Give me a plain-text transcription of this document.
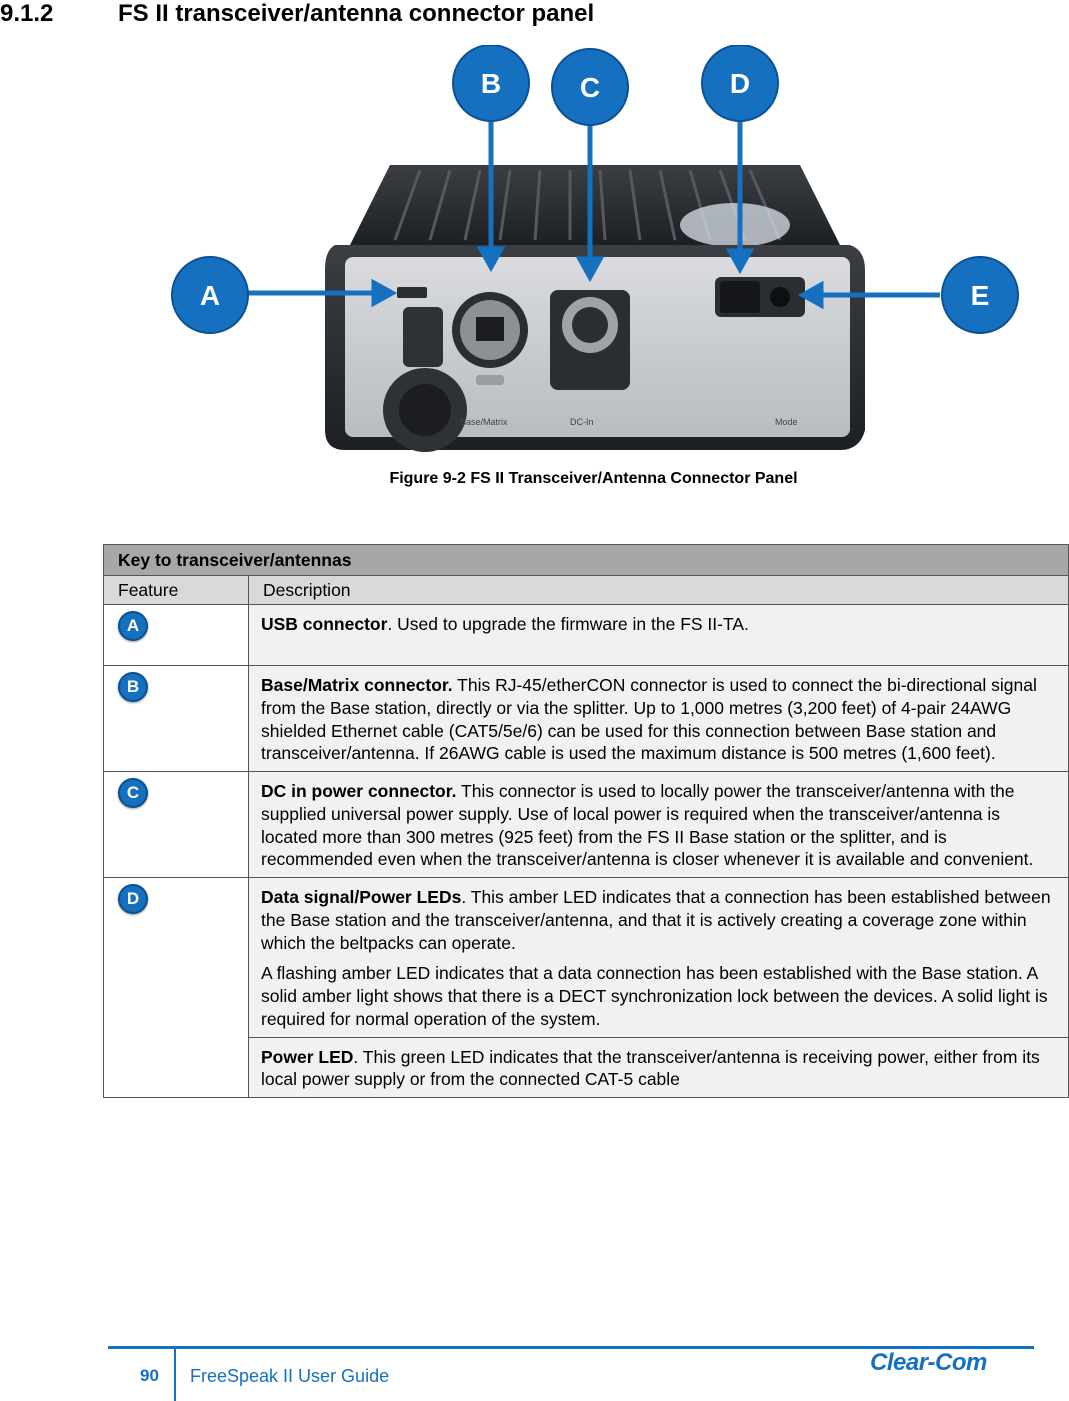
9.1.2	FS II transceiver/antenna connector panel
Base/Matrix	DC-In	Mode
A
B	C	D
E
Figure 9-2 FS II Transceiver/Antenna Connector Panel
Key to transceiver/antennas	
Feature	Description

A	USB connector. Used to upgrade the firmware in the FS II-TA.

B	Base/Matrix connector. This RJ-45/etherCON connector is used to connect the bi-directional signal from the Base station, directly or via the splitter. Up to 1,000 metres (3,200 feet) of 4-pair 24AWG shielded Ethernet cable (CAT5/5e/6) can be used for this connection between Base station and transceiver/antenna. If 26AWG cable is used the maximum distance is 500 metres (1,600 feet).

C	DC in power connector. This connector is used to locally power the transceiver/antenna with the supplied universal power supply. Use of local power is required when the transceiver/antenna is located more than 300 metres (925 feet) from the FS II Base station or the splitter, and is recommended even when the transceiver/antenna is closer whenever it is available and convenient.

D	Data signal/Power LEDs. This amber LED indicates that a connection has been established between the Base station and the transceiver/antenna, and that it is actively creating a coverage zone within which the beltpacks can operate.

A flashing amber LED indicates that a data connection has been established with the Base station. A solid amber light shows that there is a DECT synchronization lock between the devices. A solid light is required for normal operation of the system.

	Power LED. This green LED indicates that the transceiver/antenna is receiving power, either from its local power supply or from the connected CAT-5 cable

90 FreeSpeak II User Guide	Clear-Com
